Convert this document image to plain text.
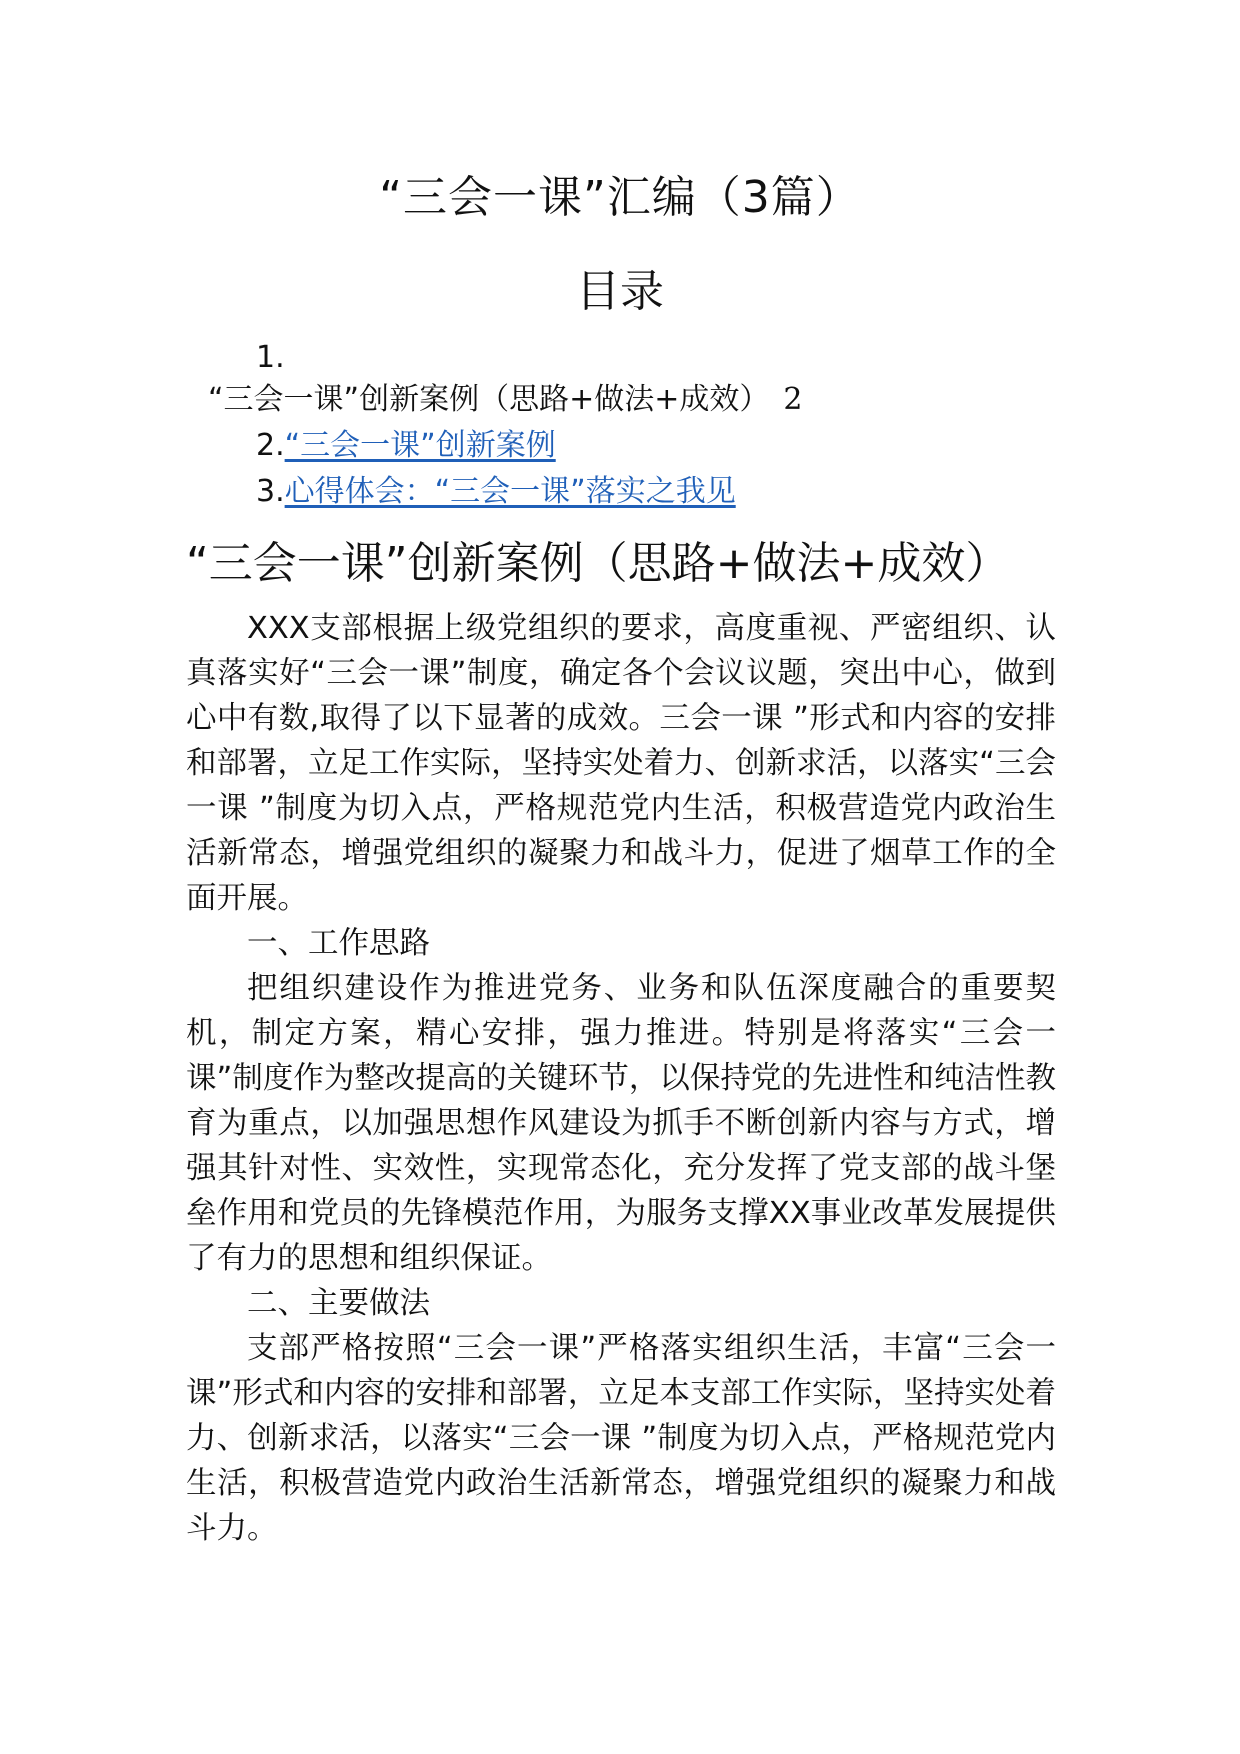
“三会一课”汇编（3篇）
目录
1.
“三会一课”创新案例（思路+做法+成效） 2
2.“三会一课”创新案例
3.心得体会：“三会一课”落实之我见
“三会一课”创新案例（思路+做法+成效）

XXX支部根据上级党组织的要求，高度重视、严密组织、认真落实好“三会一课”制度，确定各个会议议题，突出中心，做到心中有数,取得了以下显著的成效。三会一课 ”形式和内容的安排和部署，立足工作实际，坚持实处着力、创新求活，以落实“三会一课 ”制度为切入点，严格规范党内生活，积极营造党内政治生活新常态，增强党组织的凝聚力和战斗力，促进了烟草工作的全面开展。

一、工作思路

把组织建设作为推进党务、业务和队伍深度融合的重要契机，制定方案，精心安排，强力推进。特别是将落实“三会一课”制度作为整改提高的关键环节，以保持党的先进性和纯洁性教育为重点，以加强思想作风建设为抓手不断创新内容与方式，增强其针对性、实效性，实现常态化，充分发挥了党支部的战斗堡垒作用和党员的先锋模范作用，为服务支撑XX事业改革发展提供了有力的思想和组织保证。

二、主要做法

支部严格按照“三会一课”严格落实组织生活，丰富“三会一课”形式和内容的安排和部署，立足本支部工作实际，坚持实处着力、创新求活，以落实“三会一课 ”制度为切入点，严格规范党内生活，积极营造党内政治生活新常态，增强党组织的凝聚力和战斗力。
